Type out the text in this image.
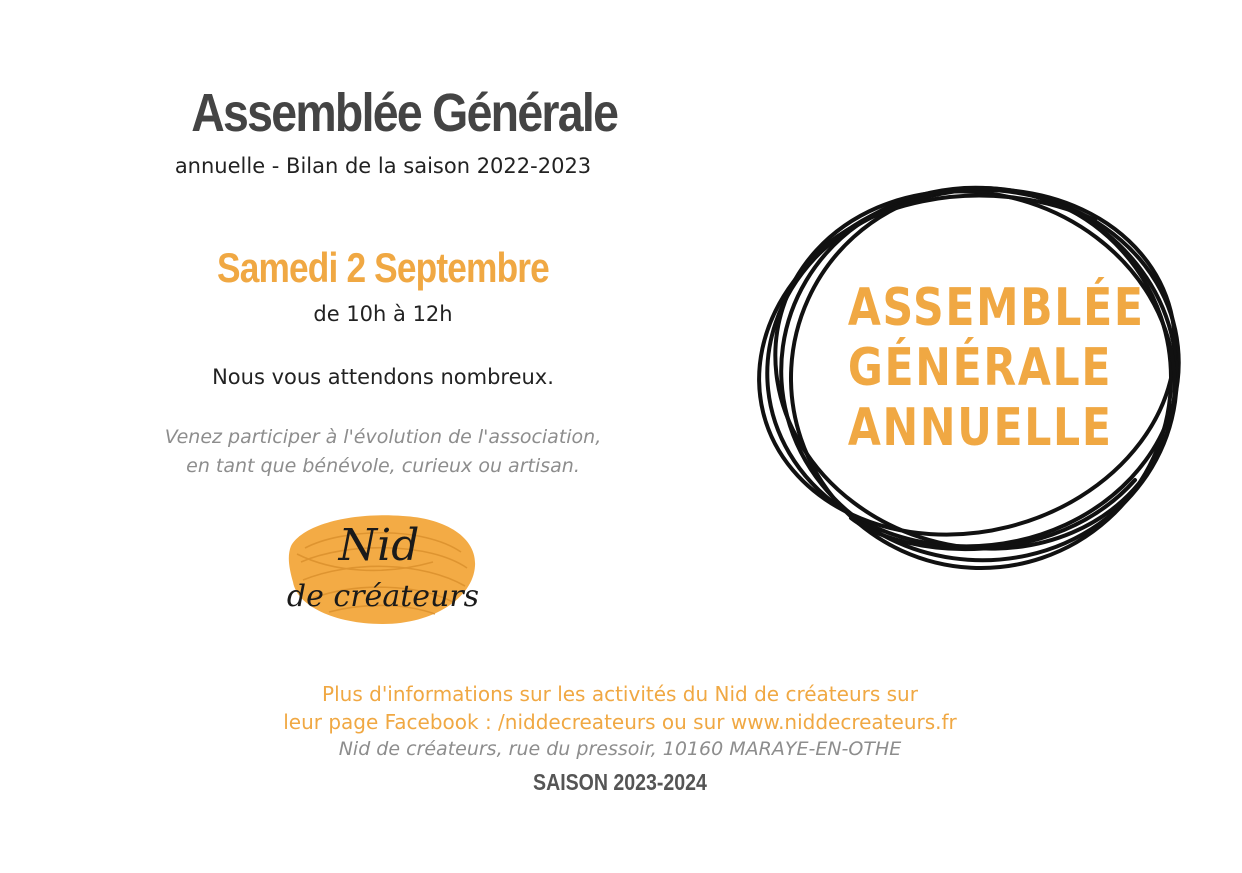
Assemblée Générale
annuelle - Bilan de la saison 2022-2023
Samedi 2 Septembre
de 10h à 12h
Nous vous attendons nombreux.
Venez participer à l'évolution de l'association,
en tant que bénévole, curieux ou artisan.
Nid
de créateurs
ASSEMBLÉE
GÉNÉRALE
ANNUELLE
Plus d'informations sur les activités du Nid de créateurs sur
leur page Facebook : /niddecreateurs ou sur www.niddecreateurs.fr
Nid de créateurs, rue du pressoir, 10160 MARAYE-EN-OTHE
SAISON 2023-2024
